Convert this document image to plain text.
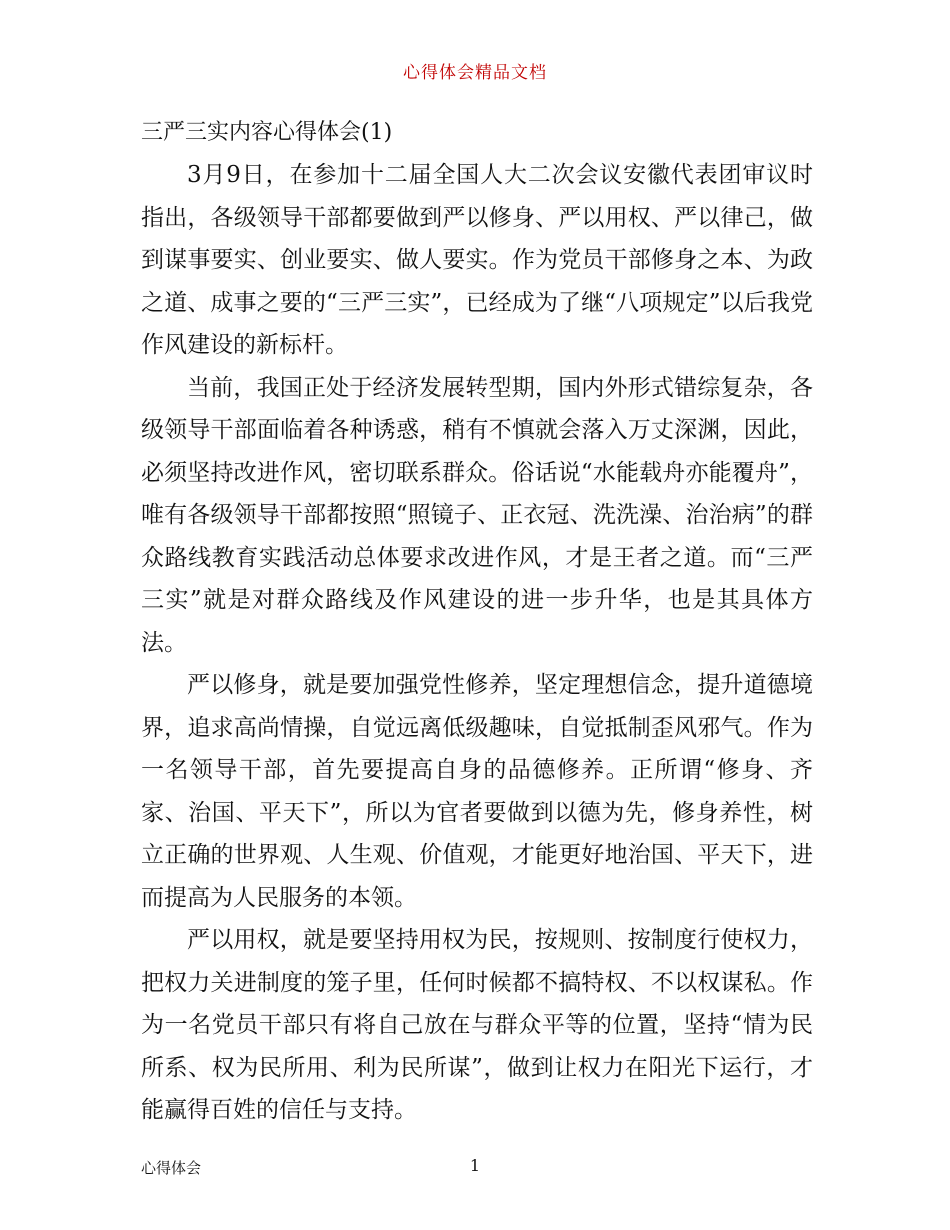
心得体会精品文档
三严三实内容心得体会(1)

3月9日，在参加十二届全国人大二次会议安徽代表团审议时指出，各级领导干部都要做到严以修身、严以用权、严以律己，做到谋事要实、创业要实、做人要实。作为党员干部修身之本、为政之道、成事之要的“三严三实”，已经成为了继“八项规定”以后我党作风建设的新标杆。

当前，我国正处于经济发展转型期，国内外形式错综复杂，各级领导干部面临着各种诱惑，稍有不慎就会落入万丈深渊，因此，必须坚持改进作风，密切联系群众。俗话说“水能载舟亦能覆舟”，唯有各级领导干部都按照“照镜子、正衣冠、洗洗澡、治治病”的群众路线教育实践活动总体要求改进作风，才是王者之道。而“三严三实”就是对群众路线及作风建设的进一步升华，也是其具体方法。

严以修身，就是要加强党性修养，坚定理想信念，提升道德境界，追求高尚情操，自觉远离低级趣味，自觉抵制歪风邪气。作为一名领导干部，首先要提高自身的品德修养。正所谓“修身、齐家、治国、平天下”，所以为官者要做到以德为先，修身养性，树立正确的世界观、人生观、价值观，才能更好地治国、平天下，进而提高为人民服务的本领。

严以用权，就是要坚持用权为民，按规则、按制度行使权力，把权力关进制度的笼子里，任何时候都不搞特权、不以权谋私。作为一名党员干部只有将自己放在与群众平等的位置，坚持“情为民所系、权为民所用、利为民所谋”，做到让权力在阳光下运行，才能赢得百姓的信任与支持。

心得体会	1
